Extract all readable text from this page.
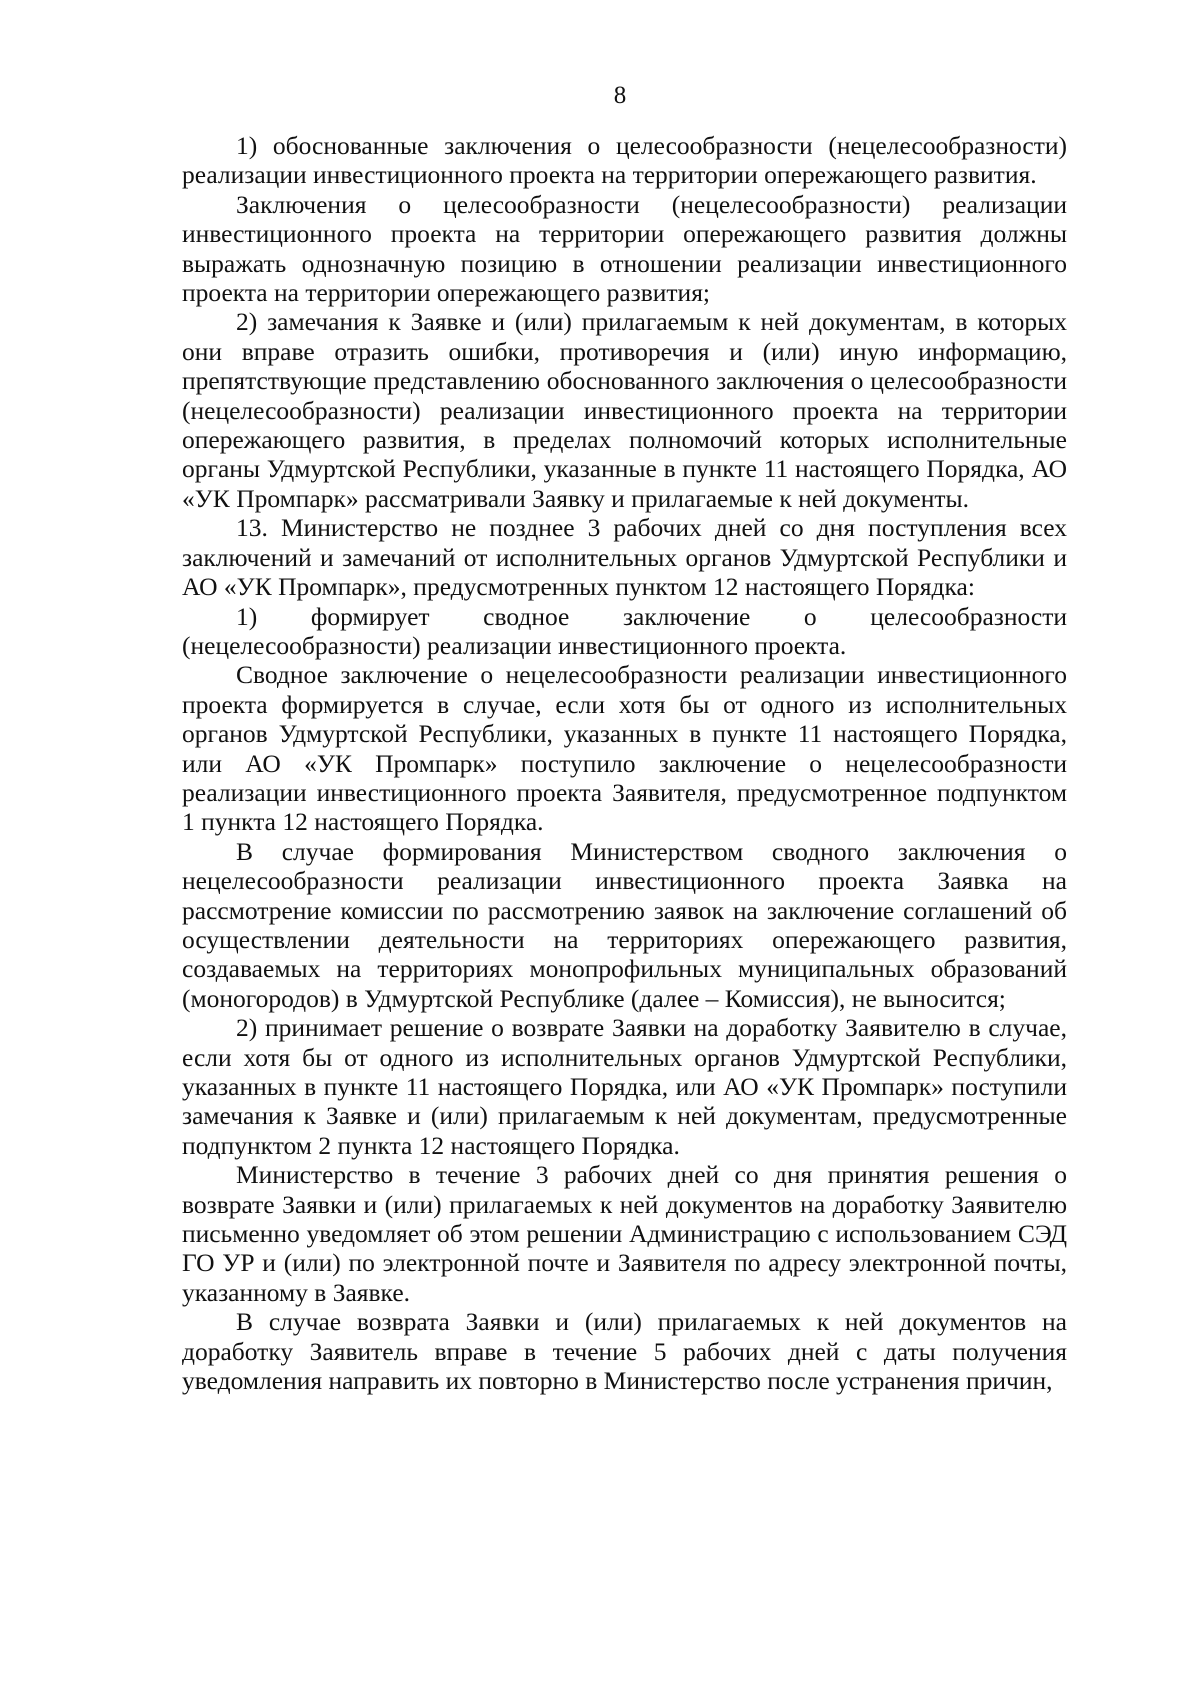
8

1) обоснованные заключения о целесообразности (нецелесообразности) реализации инвестиционного проекта на территории опережающего развития.

Заключения о целесообразности (нецелесообразности) реализации инвестиционного проекта на территории опережающего развития должны выражать однозначную позицию в отношении реализации инвестиционного проекта на территории опережающего развития;

2) замечания к Заявке и (или) прилагаемым к ней документам, в которых они вправе отразить ошибки, противоречия и (или) иную информацию, препятствующие представлению обоснованного заключения о целесообразности (нецелесообразности) реализации инвестиционного проекта на территории опережающего развития, в пределах полномочий которых исполнительные органы Удмуртской Республики, указанные в пункте 11 настоящего Порядка, АО «УК Промпарк» рассматривали Заявку и прилагаемые к ней документы.

13. Министерство не позднее 3 рабочих дней со дня поступления всех заключений и замечаний от исполнительных органов Удмуртской Республики и АО «УК Промпарк», предусмотренных пунктом 12 настоящего Порядка:

1) формирует сводное заключение о целесообразности (нецелесообразности) реализации инвестиционного проекта.

Сводное заключение о нецелесообразности реализации инвестиционного проекта формируется в случае, если хотя бы от одного из исполнительных органов Удмуртской Республики, указанных в пункте 11 настоящего Порядка, или АО «УК Промпарк» поступило заключение о нецелесообразности реализации инвестиционного проекта Заявителя, предусмотренное подпунктом 1 пункта 12 настоящего Порядка.

В случае формирования Министерством сводного заключения о нецелесообразности реализации инвестиционного проекта Заявка на рассмотрение комиссии по рассмотрению заявок на заключение соглашений об осуществлении деятельности на территориях опережающего развития, создаваемых на территориях монопрофильных муниципальных образований (моногородов) в Удмуртской Республике (далее – Комиссия), не выносится;

2) принимает решение о возврате Заявки на доработку Заявителю в случае, если хотя бы от одного из исполнительных органов Удмуртской Республики, указанных в пункте 11 настоящего Порядка, или АО «УК Промпарк» поступили замечания к Заявке и (или) прилагаемым к ней документам, предусмотренные подпунктом 2 пункта 12 настоящего Порядка.

Министерство в течение 3 рабочих дней со дня принятия решения о возврате Заявки и (или) прилагаемых к ней документов на доработку Заявителю письменно уведомляет об этом решении Администрацию с использованием СЭД ГО УР и (или) по электронной почте и Заявителя по адресу электронной почты, указанному в Заявке.

В случае возврата Заявки и (или) прилагаемых к ней документов на доработку Заявитель вправе в течение 5 рабочих дней с даты получения уведомления направить их повторно в Министерство после устранения причин,
